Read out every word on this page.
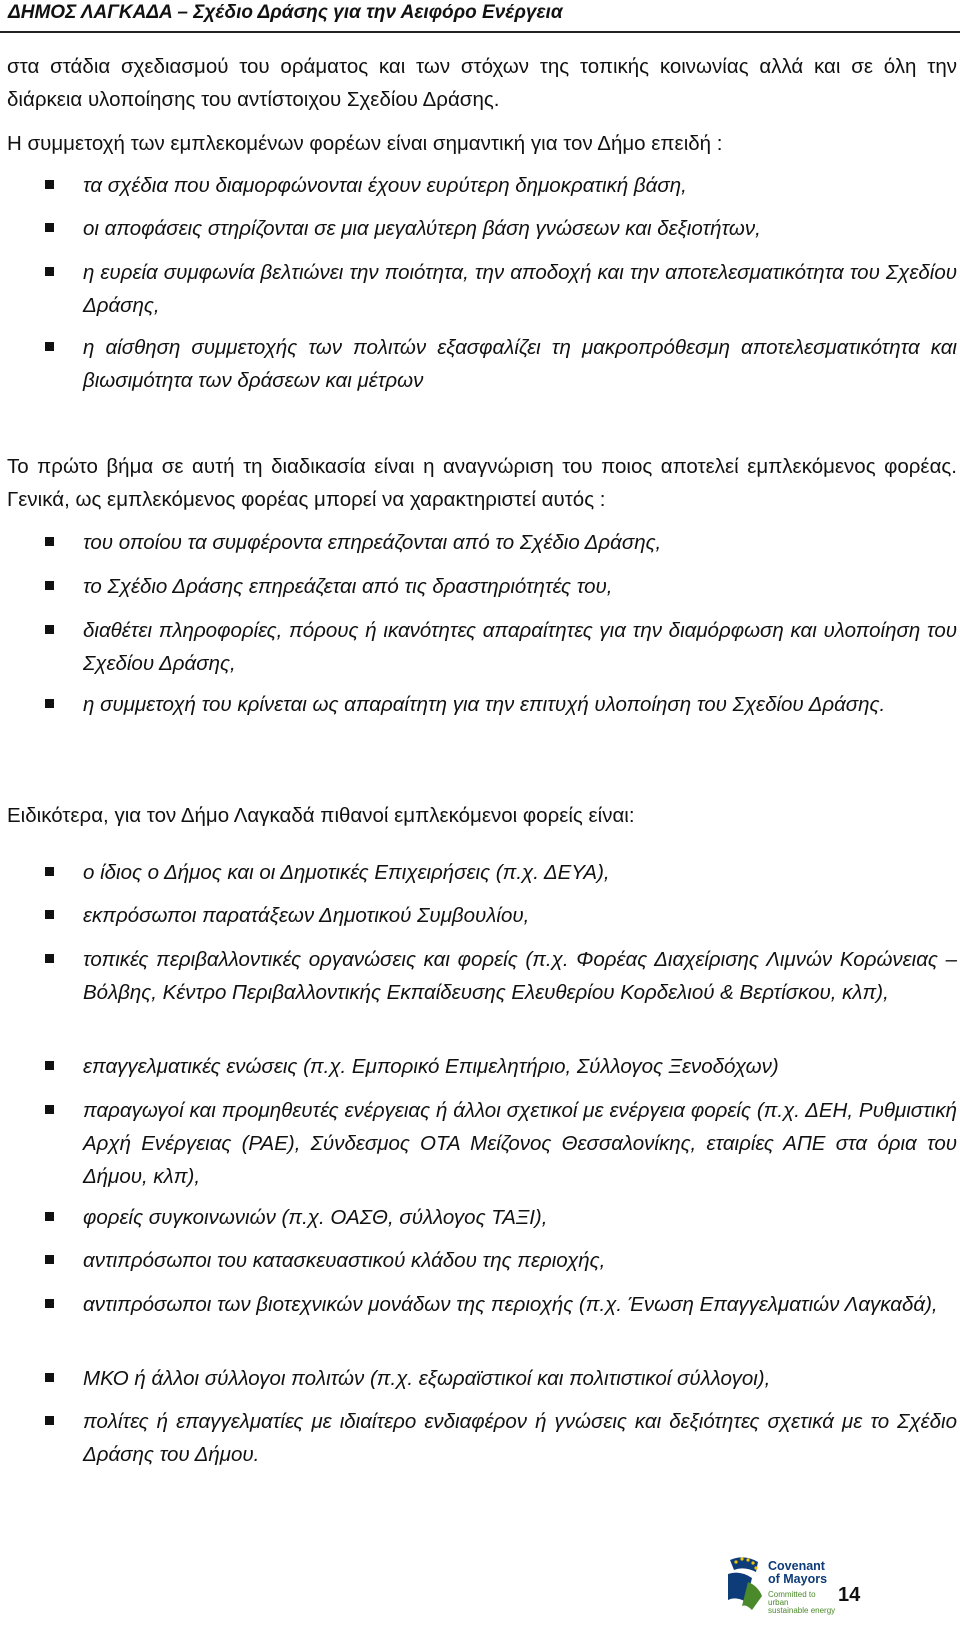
ΔΗΜΟΣ ΛΑΓΚΑΔΑ – Σχέδιο Δράσης για την Αειφόρο Ενέργεια
στα στάδια σχεδιασμού του οράματος και των στόχων της τοπικής κοινωνίας αλλά και σε όλη την διάρκεια υλοποίησης του αντίστοιχου Σχεδίου Δράσης.
Η συμμετοχή των εμπλεκομένων φορέων είναι σημαντική για τον Δήμο επειδή :
τα σχέδια που διαμορφώνονται έχουν ευρύτερη δημοκρατική βάση,
οι αποφάσεις στηρίζονται σε μια μεγαλύτερη βάση γνώσεων και δεξιοτήτων,
η ευρεία συμφωνία βελτιώνει την ποιότητα, την αποδοχή και την αποτελεσματικότητα του Σχεδίου Δράσης,
η αίσθηση συμμετοχής των πολιτών εξασφαλίζει τη μακροπρόθεσμη αποτελεσματικότητα και βιωσιμότητα των δράσεων και μέτρων
Το πρώτο βήμα σε αυτή τη διαδικασία είναι η αναγνώριση του ποιος αποτελεί εμπλεκόμενος φορέας. Γενικά, ως εμπλεκόμενος φορέας μπορεί να χαρακτηριστεί αυτός :
του οποίου τα συμφέροντα επηρεάζονται από το Σχέδιο Δράσης,
το Σχέδιο Δράσης επηρεάζεται από τις δραστηριότητές του,
διαθέτει πληροφορίες, πόρους ή ικανότητες απαραίτητες για την διαμόρφωση και υλοποίηση του Σχεδίου Δράσης,
η συμμετοχή του κρίνεται ως απαραίτητη για την επιτυχή υλοποίηση του Σχεδίου Δράσης.
Ειδικότερα, για τον Δήμο Λαγκαδά πιθανοί εμπλεκόμενοι φορείς είναι:
ο ίδιος ο Δήμος και οι Δημοτικές Επιχειρήσεις (π.χ. ΔΕΥΑ),
εκπρόσωποι παρατάξεων Δημοτικού Συμβουλίου,
τοπικές περιβαλλοντικές οργανώσεις και φορείς (π.χ. Φορέας Διαχείρισης Λιμνών Κορώνειας – Βόλβης, Κέντρο Περιβαλλοντικής Εκπαίδευσης Ελευθερίου Κορδελιού & Βερτίσκου, κλπ),
επαγγελματικές ενώσεις (π.χ. Εμπορικό Επιμελητήριο, Σύλλογος Ξενοδόχων)
παραγωγοί και προμηθευτές ενέργειας ή άλλοι σχετικοί με ενέργεια φορείς (π.χ. ΔΕΗ, Ρυθμιστική Αρχή Ενέργειας (ΡΑΕ), Σύνδεσμος ΟΤΑ Μείζονος Θεσσαλονίκης, εταιρίες ΑΠΕ στα όρια του Δήμου, κλπ),
φορείς συγκοινωνιών (π.χ. ΟΑΣΘ, σύλλογος ΤΑΞΙ),
αντιπρόσωποι του κατασκευαστικού κλάδου της περιοχής,
αντιπρόσωποι των βιοτεχνικών μονάδων της περιοχής (π.χ. Ένωση Επαγγελματιών Λαγκαδά),
ΜΚΟ ή άλλοι σύλλογοι πολιτών (π.χ. εξωραϊστικοί και πολιτιστικοί σύλλογοι),
πολίτες ή επαγγελματίες με ιδιαίτερο ενδιαφέρον ή γνώσεις και δεξιότητες σχετικά με το Σχέδιο Δράσης του Δήμου.
Covenant
of Mayors
Committed to urban
sustainable energy
14
